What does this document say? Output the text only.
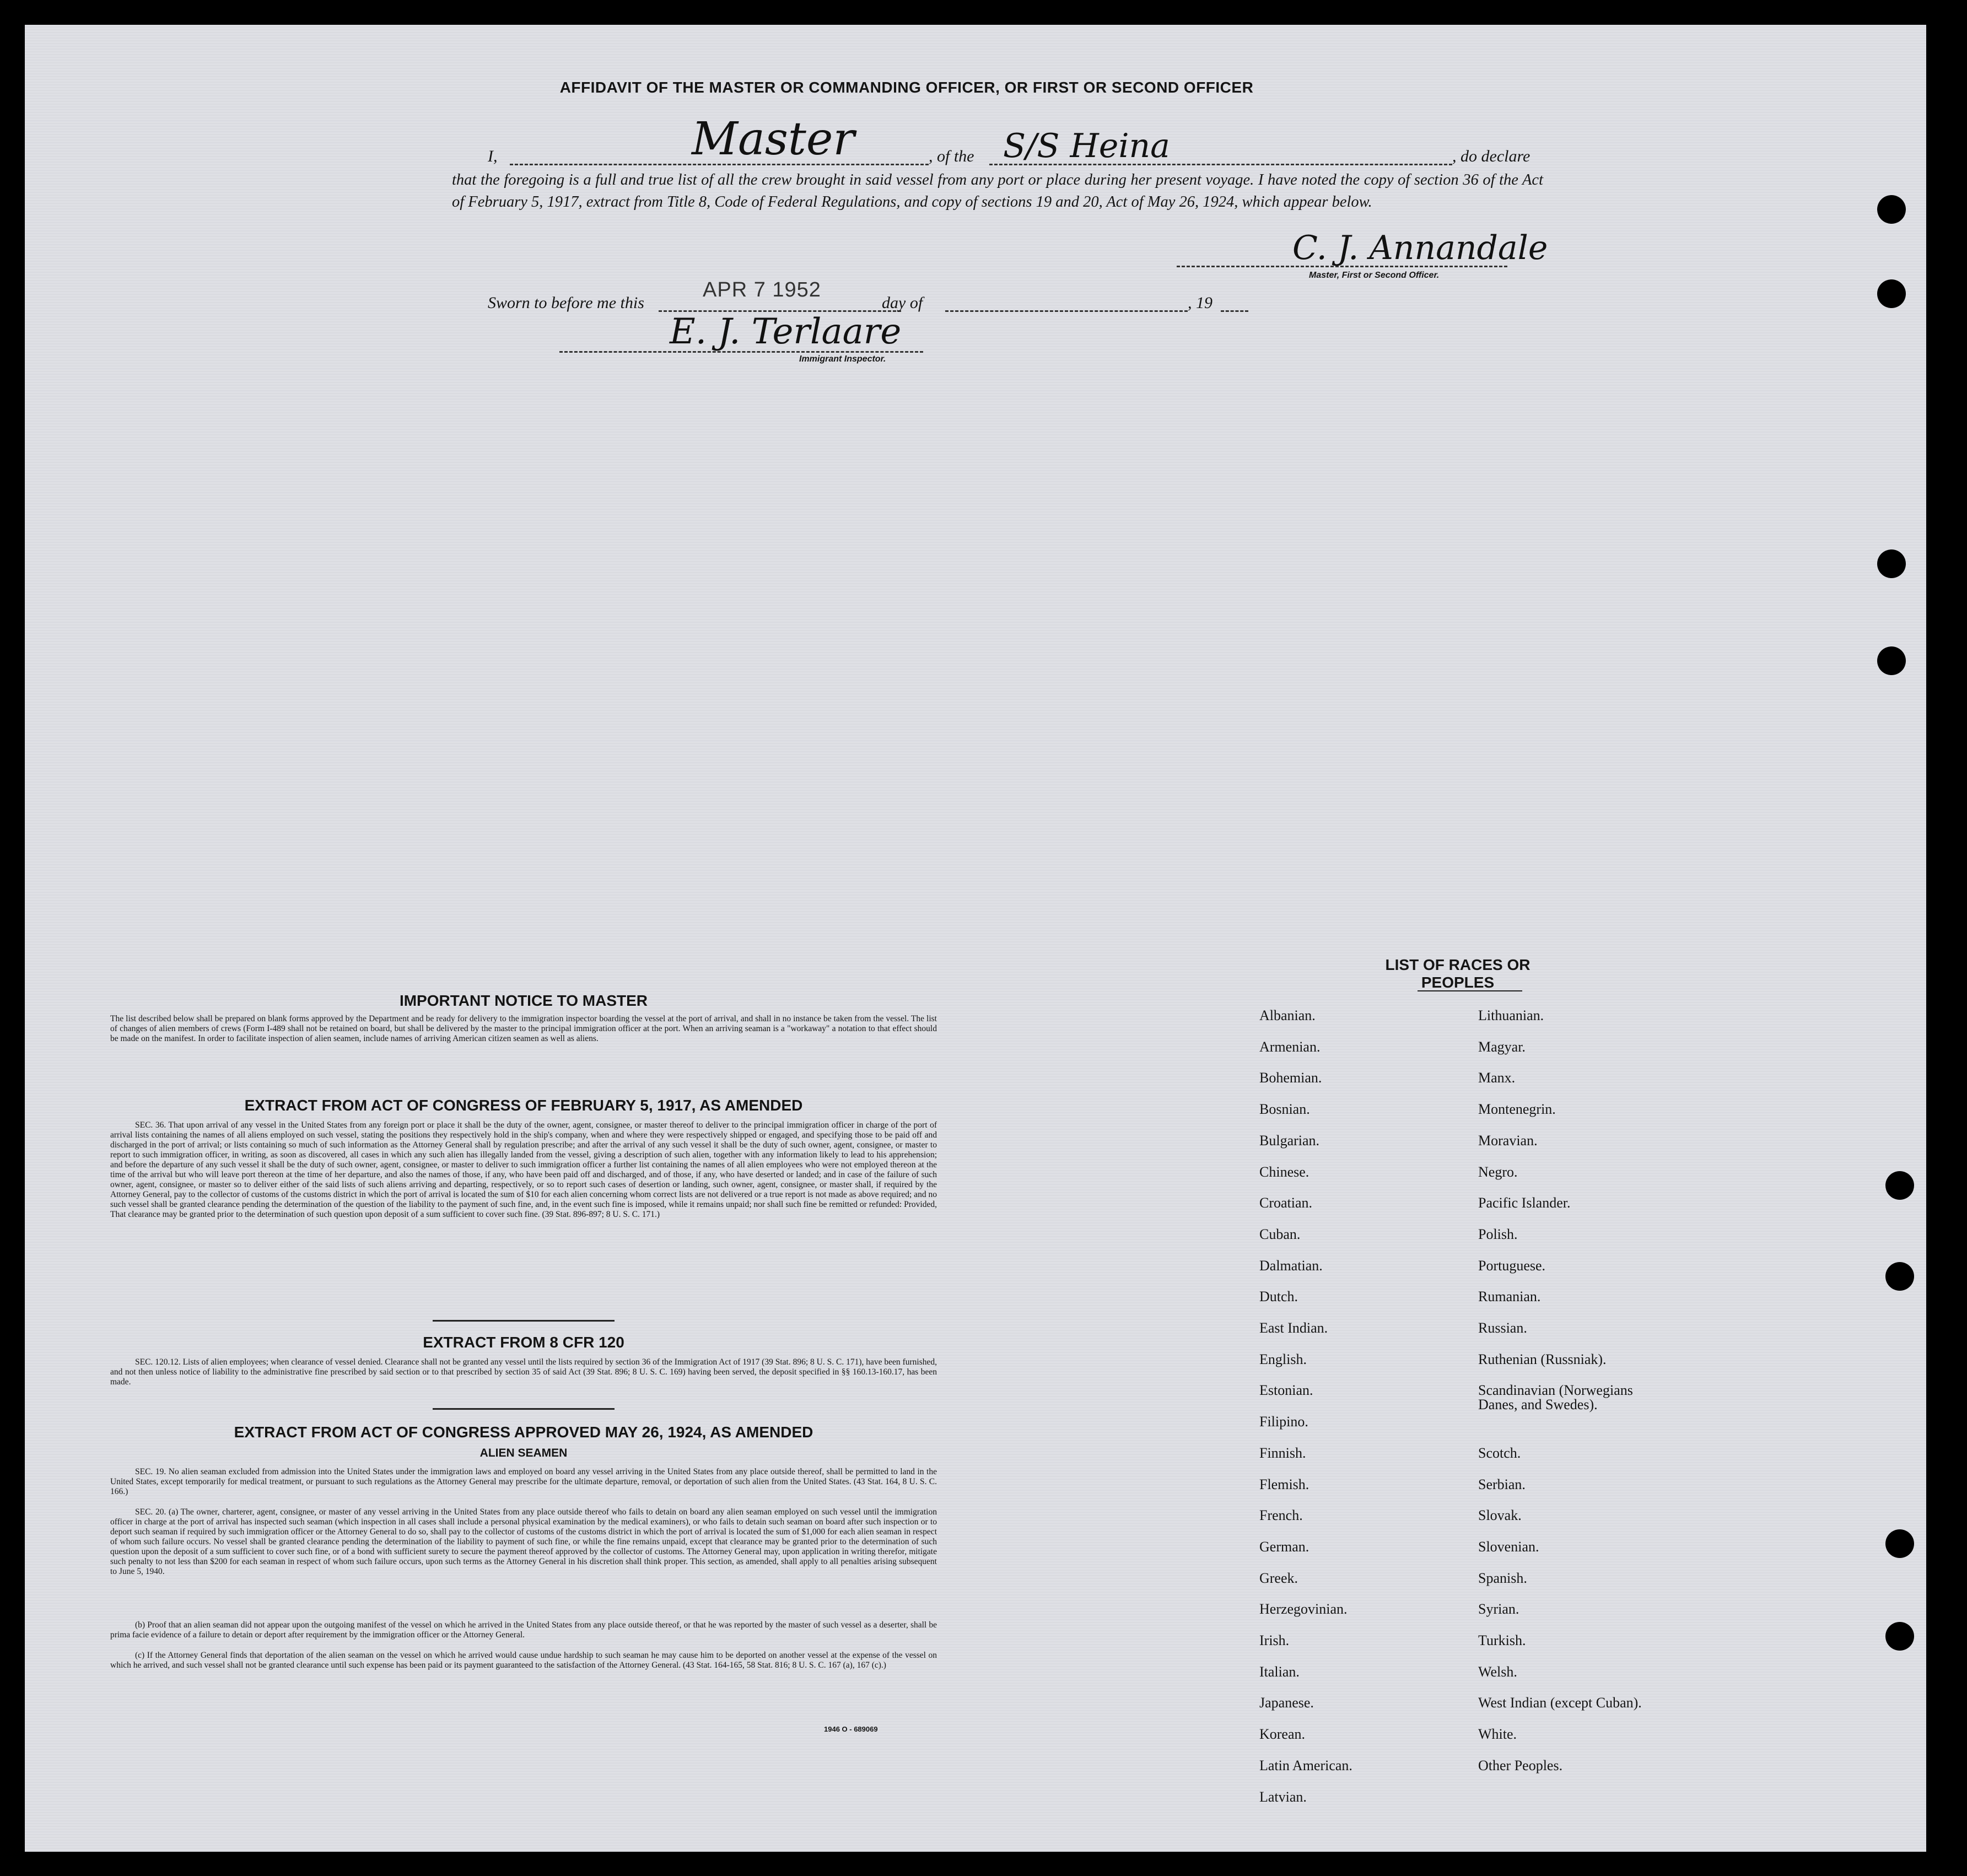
AFFIDAVIT OF THE MASTER OR COMMANDING OFFICER, OR FIRST OR SECOND OFFICER
I,	Master	, of the S/S Heina	, do declare
that the foregoing is a full and true list of all the crew brought in said vessel from any port or place during her present voyage. I have noted the copy of section 36 of the Act of February 5, 1917, extract from Title 8, Code of Federal Regulations, and copy of sections 19 and 20, Act of May 26, 1924, which appear below.
C. J. Annandale
Master, First or Second Officer.
Sworn to before me this
APR 7 1952
day of	, 19
E. J. Terlaare
Immigrant Inspector.
IMPORTANT NOTICE TO MASTER
The list described below shall be prepared on blank forms approved by the Department and be ready for delivery to the immigration inspector boarding the vessel at the port of arrival, and shall in no instance be taken from the vessel. The list of changes of alien members of crews (Form I-489 shall not be retained on board, but shall be delivered by the master to the principal immigration officer at the port. When an arriving seaman is a "workaway" a notation to that effect should be made on the manifest. In order to facilitate inspection of alien seamen, include names of arriving American citizen seamen as well as aliens.
EXTRACT FROM ACT OF CONGRESS OF FEBRUARY 5, 1917, AS AMENDED
SEC. 36. That upon arrival of any vessel in the United States from any foreign port or place it shall be the duty of the owner, agent, consignee, or master thereof to deliver to the principal immigration officer in charge of the port of arrival lists containing the names of all aliens employed on such vessel, stating the positions they respectively hold in the ship's company, when and where they were respectively shipped or engaged, and specifying those to be paid off and discharged in the port of arrival; or lists containing so much of such information as the Attorney General shall by regulation prescribe; and after the arrival of any such vessel it shall be the duty of such owner, agent, consignee, or master to report to such immigration officer, in writing, as soon as discovered, all cases in which any such alien has illegally landed from the vessel, giving a description of such alien, together with any information likely to lead to his apprehension; and before the departure of any such vessel it shall be the duty of such owner, agent, consignee, or master to deliver to such immigration officer a further list containing the names of all alien employees who were not employed thereon at the time of the arrival but who will leave port thereon at the time of her departure, and also the names of those, if any, who have been paid off and discharged, and of those, if any, who have deserted or landed; and in case of the failure of such owner, agent, consignee, or master so to deliver either of the said lists of such aliens arriving and departing, respectively, or so to report such cases of desertion or landing, such owner, agent, consignee, or master shall, if required by the Attorney General, pay to the collector of customs of the customs district in which the port of arrival is located the sum of $10 for each alien concerning whom correct lists are not delivered or a true report is not made as above required; and no such vessel shall be granted clearance pending the determination of the question of the liability to the payment of such fine, and, in the event such fine is imposed, while it remains unpaid; nor shall such fine be remitted or refunded: Provided, That clearance may be granted prior to the determination of such question upon deposit of a sum sufficient to cover such fine. (39 Stat. 896-897; 8 U. S. C. 171.)
EXTRACT FROM 8 CFR 120
SEC. 120.12. Lists of alien employees; when clearance of vessel denied. Clearance shall not be granted any vessel until the lists required by section 36 of the Immigration Act of 1917 (39 Stat. 896; 8 U. S. C. 171), have been furnished, and not then unless notice of liability to the administrative fine prescribed by said section or to that prescribed by section 35 of said Act (39 Stat. 896; 8 U. S. C. 169) having been served, the deposit specified in §§ 160.13-160.17, has been made.
EXTRACT FROM ACT OF CONGRESS APPROVED MAY 26, 1924, AS AMENDED
ALIEN SEAMEN
SEC. 19. No alien seaman excluded from admission into the United States under the immigration laws and employed on board any vessel arriving in the United States from any place outside thereof, shall be permitted to land in the United States, except temporarily for medical treatment, or pursuant to such regulations as the Attorney General may prescribe for the ultimate departure, removal, or deportation of such alien from the United States. (43 Stat. 164, 8 U. S. C. 166.)
SEC. 20. (a) The owner, charterer, agent, consignee, or master of any vessel arriving in the United States from any place outside thereof who fails to detain on board any alien seaman employed on such vessel until the immigration officer in charge at the port of arrival has inspected such seaman (which inspection in all cases shall include a personal physical examination by the medical examiners), or who fails to detain such seaman on board after such inspection or to deport such seaman if required by such immigration officer or the Attorney General to do so, shall pay to the collector of customs of the customs district in which the port of arrival is located the sum of $1,000 for each alien seaman in respect of whom such failure occurs. No vessel shall be granted clearance pending the determination of the liability to payment of such fine, or while the fine remains unpaid, except that clearance may be granted prior to the determination of such question upon the deposit of a sum sufficient to cover such fine, or of a bond with sufficient surety to secure the payment thereof approved by the collector of customs. The Attorney General may, upon application in writing therefor, mitigate such penalty to not less than $200 for each seaman in respect of whom such failure occurs, upon such terms as the Attorney General in his discretion shall think proper. This section, as amended, shall apply to all penalties arising subsequent to June 5, 1940.
(b) Proof that an alien seaman did not appear upon the outgoing manifest of the vessel on which he arrived in the United States from any place outside thereof, or that he was reported by the master of such vessel as a deserter, shall be prima facie evidence of a failure to detain or deport after requirement by the immigration officer or the Attorney General.
(c) If the Attorney General finds that deportation of the alien seaman on the vessel on which he arrived would cause undue hardship to such seaman he may cause him to be deported on another vessel at the expense of the vessel on which he arrived, and such vessel shall not be granted clearance until such expense has been paid or its payment guaranteed to the satisfaction of the Attorney General. (43 Stat. 164-165, 58 Stat. 816; 8 U. S. C. 167 (a), 167 (c).)
1946 O - 689069
LIST OF RACES OR PEOPLES
Albanian.
Armenian.
Bohemian.
Bosnian.
Bulgarian.
Chinese.
Croatian.
Cuban.
Dalmatian.
Dutch.
East Indian.
English.
Estonian.
Filipino.
Finnish.
Flemish.
French.
German.
Greek.
Herzegovinian.
Irish.
Italian.
Japanese.
Korean.
Latin American.
Latvian.
Lithuanian.
Magyar.
Manx.
Montenegrin.
Moravian.
Negro.
Pacific Islander.
Polish.
Portuguese.
Rumanian.
Russian.
Ruthenian (Russniak).
Scandinavian (Norwegians
Danes, and Swedes).
Scotch.
Serbian.
Slovak.
Slovenian.
Spanish.
Syrian.
Turkish.
Welsh.
West Indian (except Cuban).
White.
Other Peoples.
